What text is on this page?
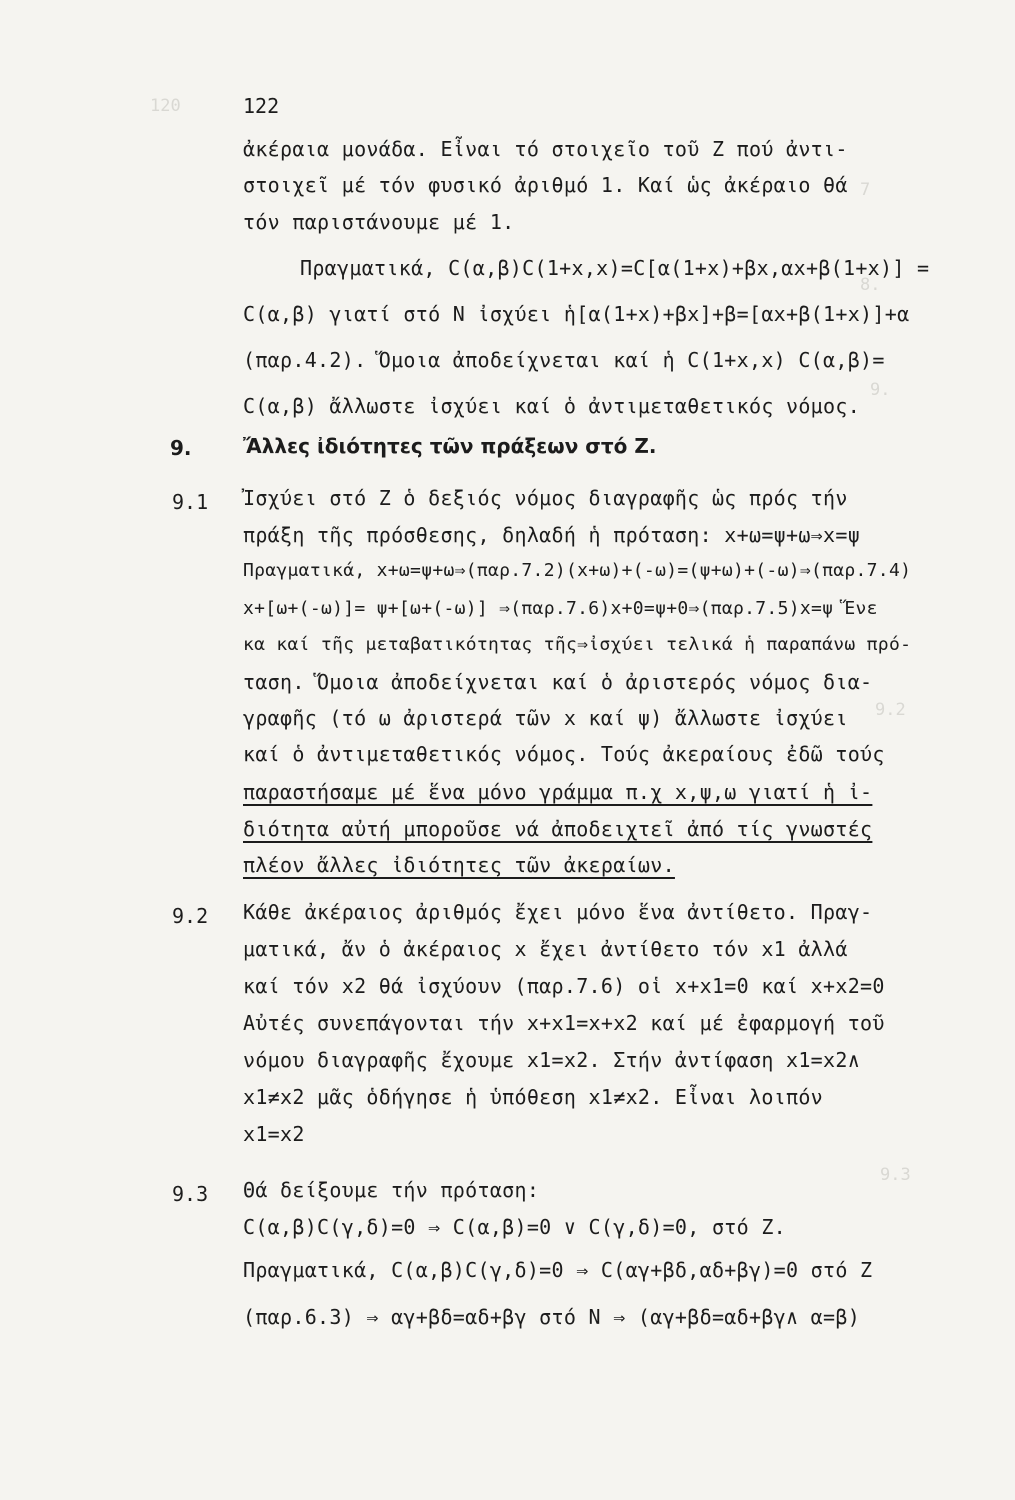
120
7
8.
9.
9.2
9.3
122
ἀκέραια μονάδα. Εἶναι τό στοιχεῖο τοῦ Ζ πού ἀντι-
στοιχεῖ μέ τόν φυσικό ἀριθμό 1. Καί ὡς ἀκέραιο θά
τόν παριστάνουμε μέ 1.
Πραγματικά, C(α,β)C(1+x,x)=C[α(1+x)+βx,αx+β(1+x)] =
C(α,β) γιατί στό Ν ἰσχύει ἡ[α(1+x)+βx]+β=[αx+β(1+x)]+α
(παρ.4.2). Ὅμοια ἀποδείχνεται καί ἡ C(1+x,x) C(α,β)=
C(α,β) ἄλλωστε ἰσχύει καί ὁ ἀντιμεταθετικός νόμος.
9.	Ἄλλες ἰδιότητες τῶν πράξεων στό Ζ.
9.1 Ἰσχύει στό Ζ ὁ δεξιός νόμος διαγραφῆς ὡς πρός τήν
πράξη τῆς πρόσθεσης, δηλαδή ἡ πρόταση: x+ω=ψ+ω⇒x=ψ
Πραγματικά, x+ω=ψ+ω⇒(παρ.7.2)(x+ω)+(-ω)=(ψ+ω)+(-ω)⇒(παρ.7.4)
x+[ω+(-ω)]= ψ+[ω+(-ω)] ⇒(παρ.7.6)x+0=ψ+0⇒(παρ.7.5)x=ψ Ἕνε
κα καί τῆς μεταβατικότητας τῆς⇒ἰσχύει τελικά ἡ παραπάνω πρό-
ταση. Ὅμοια ἀποδείχνεται καί ὁ ἀριστερός νόμος δια-
γραφῆς (τό ω ἀριστερά τῶν x καί ψ) ἄλλωστε ἰσχύει
καί ὁ ἀντιμεταθετικός νόμος. Τούς ἀκεραίους ἐδῶ τούς
παραστήσαμε μέ ἕνα μόνο γράμμα π.χ x,ψ,ω γιατί ἡ ἰ-
διότητα αὐτή μποροῦσε νά ἀποδειχτεῖ ἀπό τίς γνωστές
πλέον ἄλλες ἰδιότητες τῶν ἀκεραίων.
9.2 Κάθε ἀκέραιος ἀριθμός ἔχει μόνο ἕνα ἀντίθετο. Πραγ-
ματικά, ἄν ὁ ἀκέραιος x ἔχει ἀντίθετο τόν x1 ἀλλά
καί τόν x2 θά ἰσχύουν (παρ.7.6) οἱ x+x1=0 καί x+x2=0
Αὐτές συνεπάγονται τήν x+x1=x+x2 καί μέ ἐφαρμογή τοῦ
νόμου διαγραφῆς ἔχουμε x1=x2. Στήν ἀντίφαση x1=x2∧
x1≠x2 μᾶς ὁδήγησε ἡ ὑπόθεση x1≠x2. Εἶναι λοιπόν
x1=x2
9.3 Θά δείξουμε τήν πρόταση:
C(α,β)C(γ,δ)=0 ⇒ C(α,β)=0 ∨ C(γ,δ)=0, στό Ζ.
Πραγματικά, C(α,β)C(γ,δ)=0 ⇒ C(αγ+βδ,αδ+βγ)=0 στό Ζ
(παρ.6.3) ⇒ αγ+βδ=αδ+βγ στό Ν ⇒ (αγ+βδ=αδ+βγ∧ α=β)
